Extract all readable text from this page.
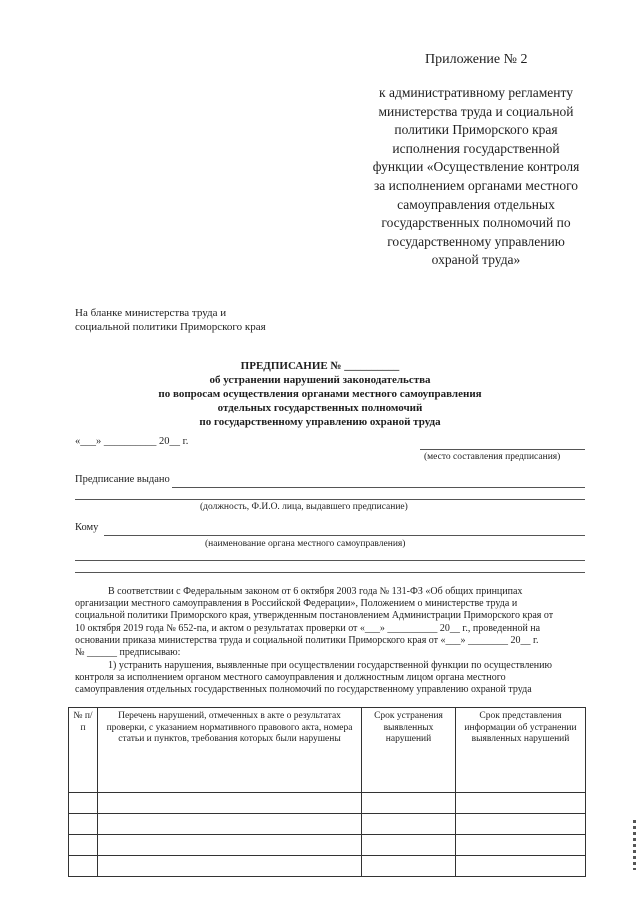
Приложение № 2
к административному регламенту
министерства труда и социальной
политики Приморского края
исполнения государственной
функции «Осуществление контроля
за исполнением органами местного
самоуправления отдельных
государственных полномочий по
государственному управлению
охраной труда»
На бланке министерства труда и
социальной политики Приморского края
ПРЕДПИСАНИЕ № __________
об устранении нарушений законодательства
по вопросам осуществления органами местного самоуправления
отдельных государственных полномочий
по государственному управлению охраной труда
«___» __________ 20__ г.
(место составления предписания)
Предписание выдано
(должность, Ф.И.О. лица, выдавшего предписание)
Кому
(наименование органа местного самоуправления)
В соответствии с Федеральным законом от 6 октября 2003 года № 131-ФЗ «Об общих принципах
организации местного самоуправления в Российской Федерации», Положением о министерстве труда и
социальной политики Приморского края, утвержденным постановлением Администрации Приморского края от
10 октября 2019 года № 652-па, и актом о результатах проверки от «___» __________ 20__ г., проведенной на
основании приказа министерства труда и социальной политики Приморского края от «___» ________ 20__ г.
№ ______ предписываю:
1) устранить нарушения, выявленные при осуществлении государственной функции по осуществлению
контроля за исполнением органом местного самоуправления и должностным лицом органа местного
самоуправления отдельных государственных полномочий по государственному управлению охраной труда
№ п/п	Перечень нарушений, отмеченных в акте о результатах проверки, с указанием нормативного правового акта, номера статьи и пунктов, требования которых были нарушены	Срок устранения выявленных нарушений	Срок представления информации об устранении выявленных нарушений
